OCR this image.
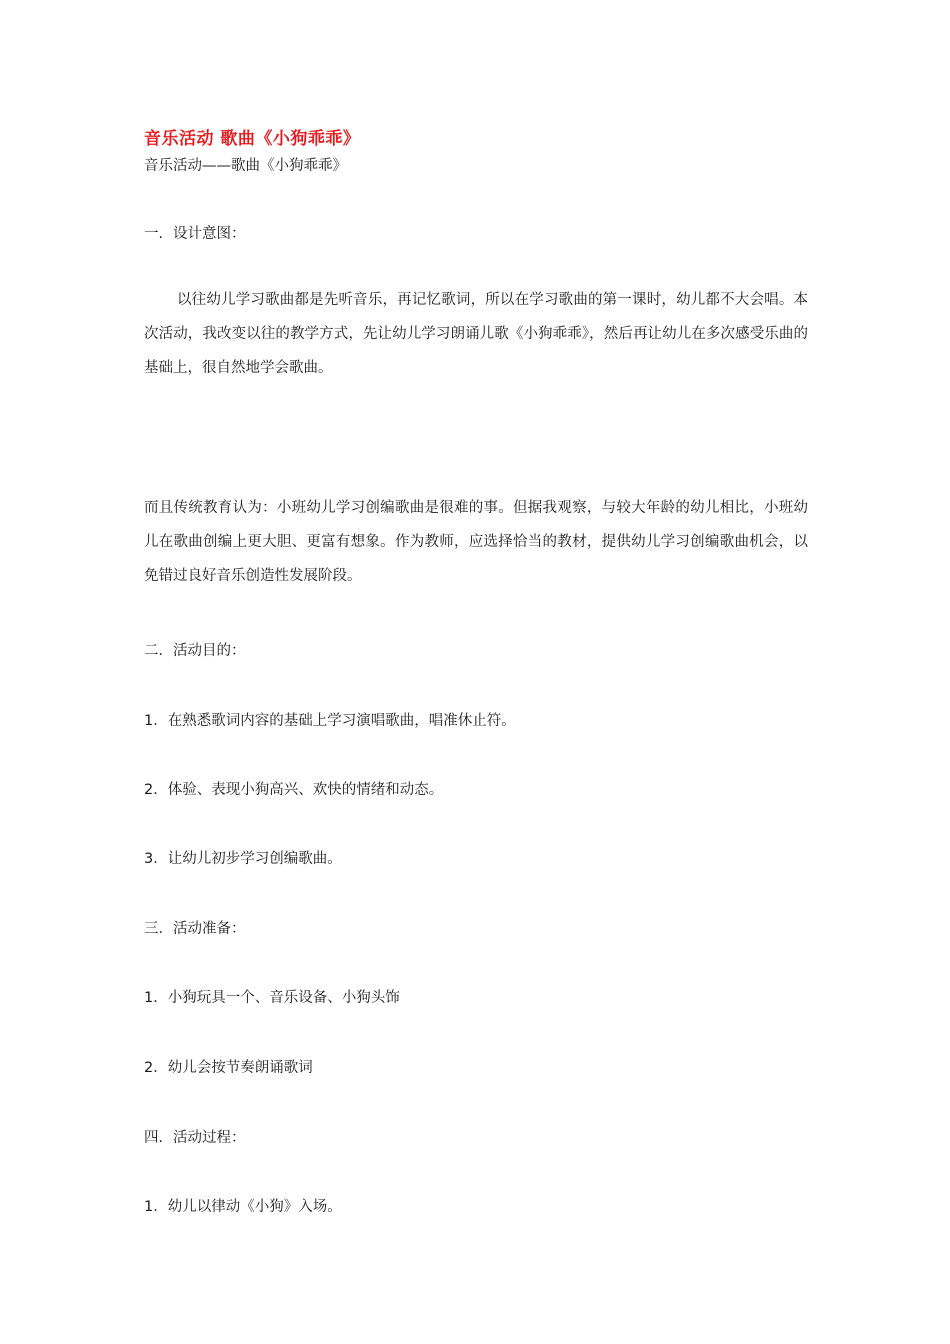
音乐活动 歌曲《小狗乖乖》
音乐活动——歌曲《小狗乖乖》
一．设计意图：
以往幼儿学习歌曲都是先听音乐，再记忆歌词，所以在学习歌曲的第一课时，幼儿都不大会唱。本次活动，我改变以往的教学方式，先让幼儿学习朗诵儿歌《小狗乖乖》，然后再让幼儿在多次感受乐曲的基础上，很自然地学会歌曲。
而且传统教育认为：小班幼儿学习创编歌曲是很难的事。但据我观察，与较大年龄的幼儿相比，小班幼儿在歌曲创编上更大胆、更富有想象。作为教师，应选择恰当的教材，提供幼儿学习创编歌曲机会，以免错过良好音乐创造性发展阶段。
二．活动目的：
1．在熟悉歌词内容的基础上学习演唱歌曲，唱准休止符。
2．体验、表现小狗高兴、欢快的情绪和动态。
3．让幼儿初步学习创编歌曲。
三．活动准备：
1．小狗玩具一个、音乐设备、小狗头饰
2．幼儿会按节奏朗诵歌词
四．活动过程：
1．幼儿以律动《小狗》入场。
